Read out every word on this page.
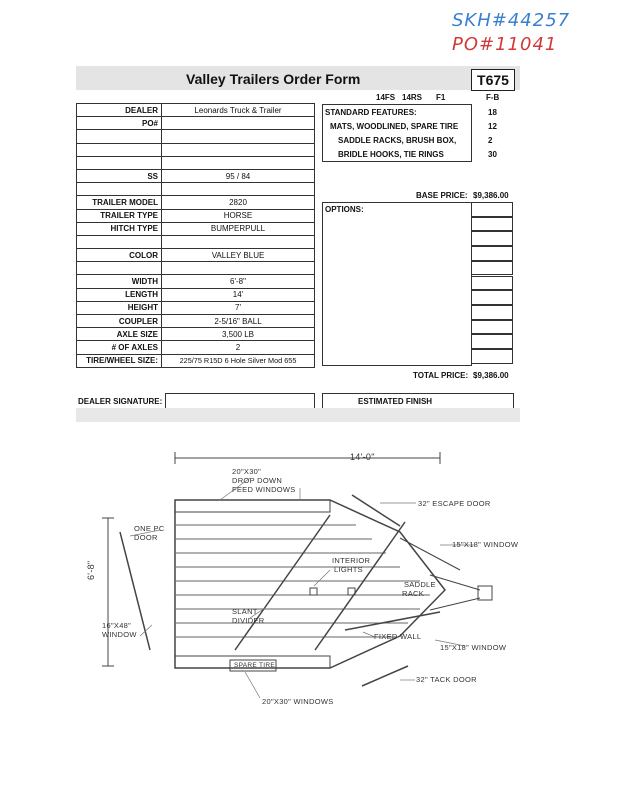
SKH#44257
PO#11041
Valley Trailers Order Form	T675
14FS 14RS F1	F-B
DEALER	Leonards Truck & Trailer
PO#	

SS	95 / 84

TRAILER MODEL	2820
TRAILER TYPE	HORSE
HITCH TYPE	BUMPERPULL

COLOR	VALLEY BLUE

WIDTH	6'-8"
LENGTH	14'
HEIGHT	7'
COUPLER	2-5/16" BALL
AXLE SIZE	3,500 LB
# OF AXLES	2
TIRE/WHEEL SIZE:	225/75 R15D 6 Hole Silver Mod 655
DEALER SIGNATURE:
STANDARD FEATURES:	18
MATS, WOODLINED, SPARE TIRE	12
SADDLE RACKS, BRUSH BOX,	2
BRIDLE HOOKS, TIE RINGS	30
BASE PRICE: $9,386.00
OPTIONS:
TOTAL PRICE: $9,386.00
ESTIMATED FINISH
14'-0"
6'-8"
20"X30"
DROP DOWN
FEED WINDOWS
32" ESCAPE DOOR
ONE PC
DOOR
15"X18" WINDOW
INTERIOR
LIGHTS
SADDLE
RACK
16"X48"
WINDOW
SLANT
DIVIDER
FIXED WALL
15"X18" WINDOW
SPARE TIRE
32" TACK DOOR
20"X30" WINDOWS
